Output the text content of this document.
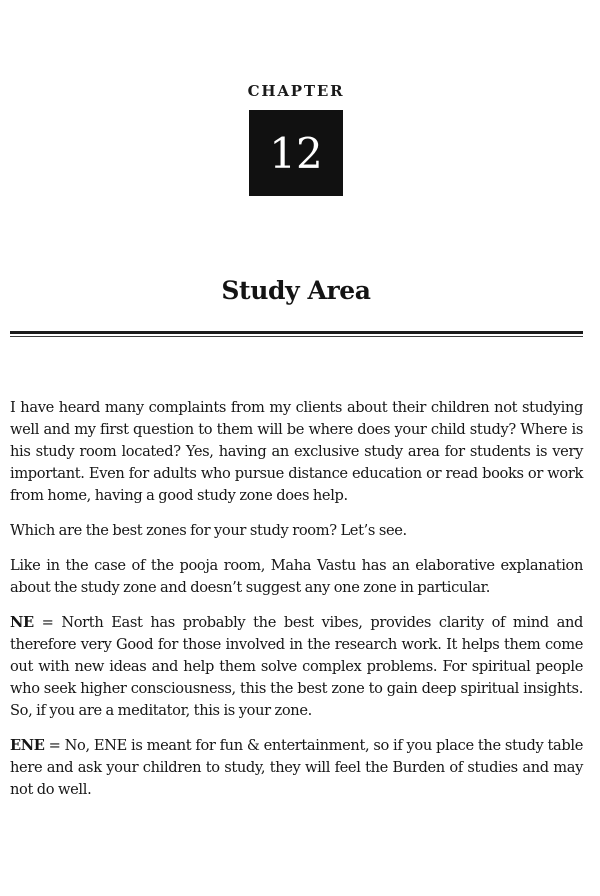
CHAPTER
12
Study Area

I have heard many complaints from my clients about their children not studying well and my first question to them will be where does your child study? Where is his study room located? Yes, having an exclusive study area for students is very important. Even for adults who pursue distance education or read books or work from home, having a good study zone does help.

Which are the best zones for your study room? Let’s see.

Like in the case of the pooja room, Maha Vastu has an elaborative explanation about the study zone and doesn’t suggest any one zone in particular.

NE = North East has probably the best vibes, provides clarity of mind and therefore very Good for those involved in the research work. It helps them come out with new ideas and help them solve complex problems. For spiritual people who seek higher consciousness, this the best zone to gain deep spiritual insights. So, if you are a meditator, this is your zone.

ENE = No, ENE is meant for fun & entertainment, so if you place the study table here and ask your children to study, they will feel the Burden of studies and may not do well.
